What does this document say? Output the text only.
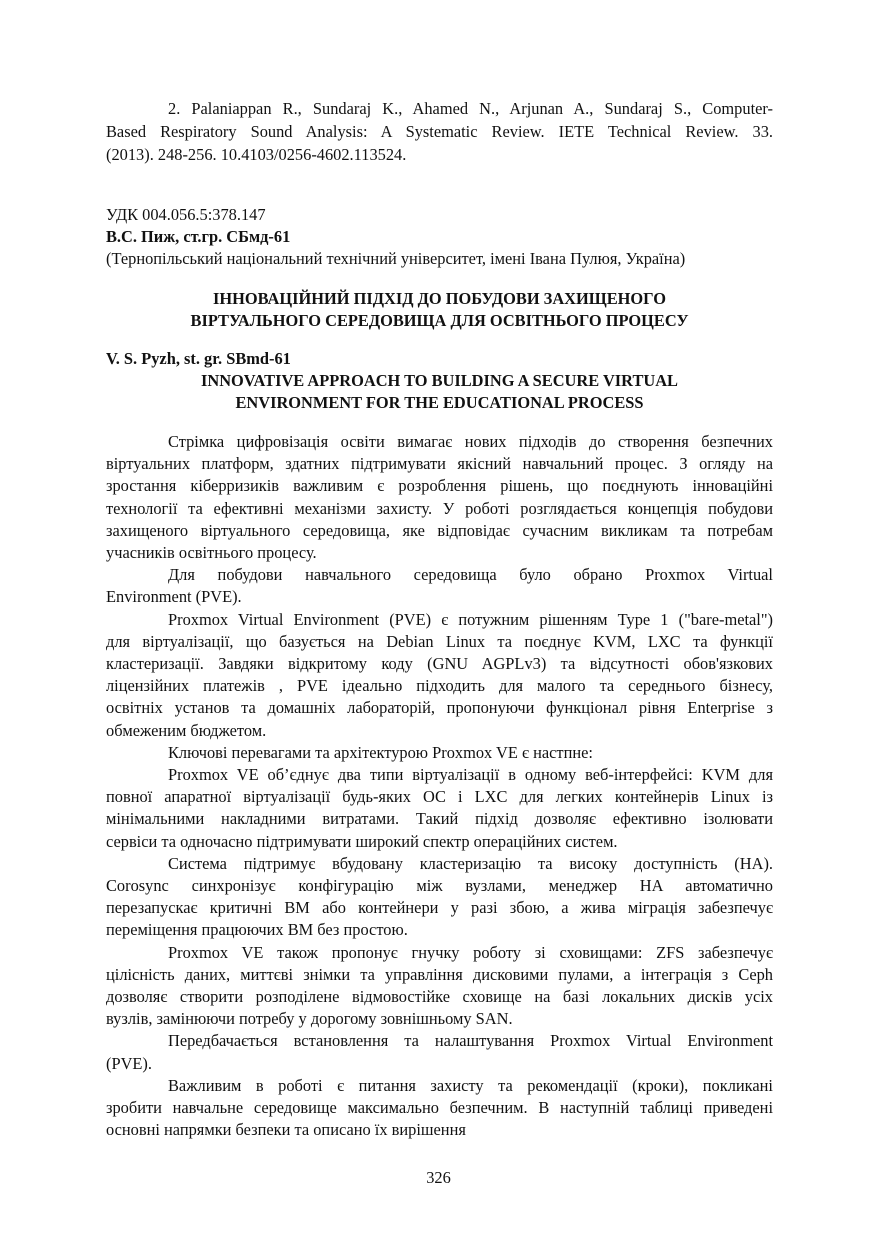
2. Palaniappan R., Sundaraj K., Ahamed N., Arjunan A., Sundaraj S., Computer-
Based Respiratory Sound Analysis: A Systematic Review. IETE Technical Review. 33.
(2013). 248-256. 10.4103/0256-4602.113524.
УДК 004.056.5:378.147
В.С. Пиж, ст.гр. СБмд-61
(Тернопільський національний технічний університет, імені Івана Пулюя, Україна)
ІННОВАЦІЙНИЙ ПІДХІД ДО ПОБУДОВИ ЗАХИЩЕНОГО
ВІРТУАЛЬНОГО СЕРЕДОВИЩА ДЛЯ ОСВІТНЬОГО ПРОЦЕСУ
V. S. Pyzh, st. gr. SBmd-61
INNOVATIVE APPROACH TO BUILDING A SECURE VIRTUAL
ENVIRONMENT FOR THE EDUCATIONAL PROCESS
Стрімка цифровізація освіти вимагає нових підходів до створення безпечних
віртуальних платформ, здатних підтримувати якісний навчальний процес. З огляду на
зростання кіберризиків важливим є розроблення рішень, що поєднують інноваційні
технології та ефективні механізми захисту. У роботі розглядається концепція побудови
захищеного віртуального середовища, яке відповідає сучасним викликам та потребам
учасників освітнього процесу.
Для побудови навчального середовища було обрано Proxmox Virtual
Environment (PVE).
Proxmox Virtual Environment (PVE) є потужним рішенням Type 1 ("bare-metal")
для віртуалізації, що базується на Debian Linux та поєднує KVM, LXC та функції
кластеризації. Завдяки відкритому коду (GNU AGPLv3) та відсутності обов'язкових
ліцензійних платежів , PVE ідеально підходить для малого та середнього бізнесу,
освітніх установ та домашніх лабораторій, пропонуючи функціонал рівня Enterprise з
обмеженим бюджетом.
Ключові перевагами та архітектурою Proxmox VE є настпне:
Proxmox VE об’єднує два типи віртуалізації в одному веб-інтерфейсі: KVM для
повної апаратної віртуалізації будь-яких ОС і LXC для легких контейнерів Linux із
мінімальними накладними витратами. Такий підхід дозволяє ефективно ізолювати
сервіси та одночасно підтримувати широкий спектр операційних систем.
Система підтримує вбудовану кластеризацію та високу доступність (HA).
Corosync синхронізує конфігурацію між вузлами, менеджер HA автоматично
перезапускає критичні ВМ або контейнери у разі збою, а жива міграція забезпечує
переміщення працюючих ВМ без простою.
Proxmox VE також пропонує гнучку роботу зі сховищами: ZFS забезпечує
цілісність даних, миттєві знімки та управління дисковими пулами, а інтеграція з Ceph
дозволяє створити розподілене відмовостійке сховище на базі локальних дисків усіх
вузлів, замінюючи потребу у дорогому зовнішньому SAN.
Передбачається встановлення та налаштування Proxmox Virtual Environment
(PVE).
Важливим в роботі є питання захисту та рекомендації (кроки), покликані
зробити навчальне середовище максимально безпечним. В наступній таблиці приведені
основні напрямки безпеки та описано їх вирішення
326
